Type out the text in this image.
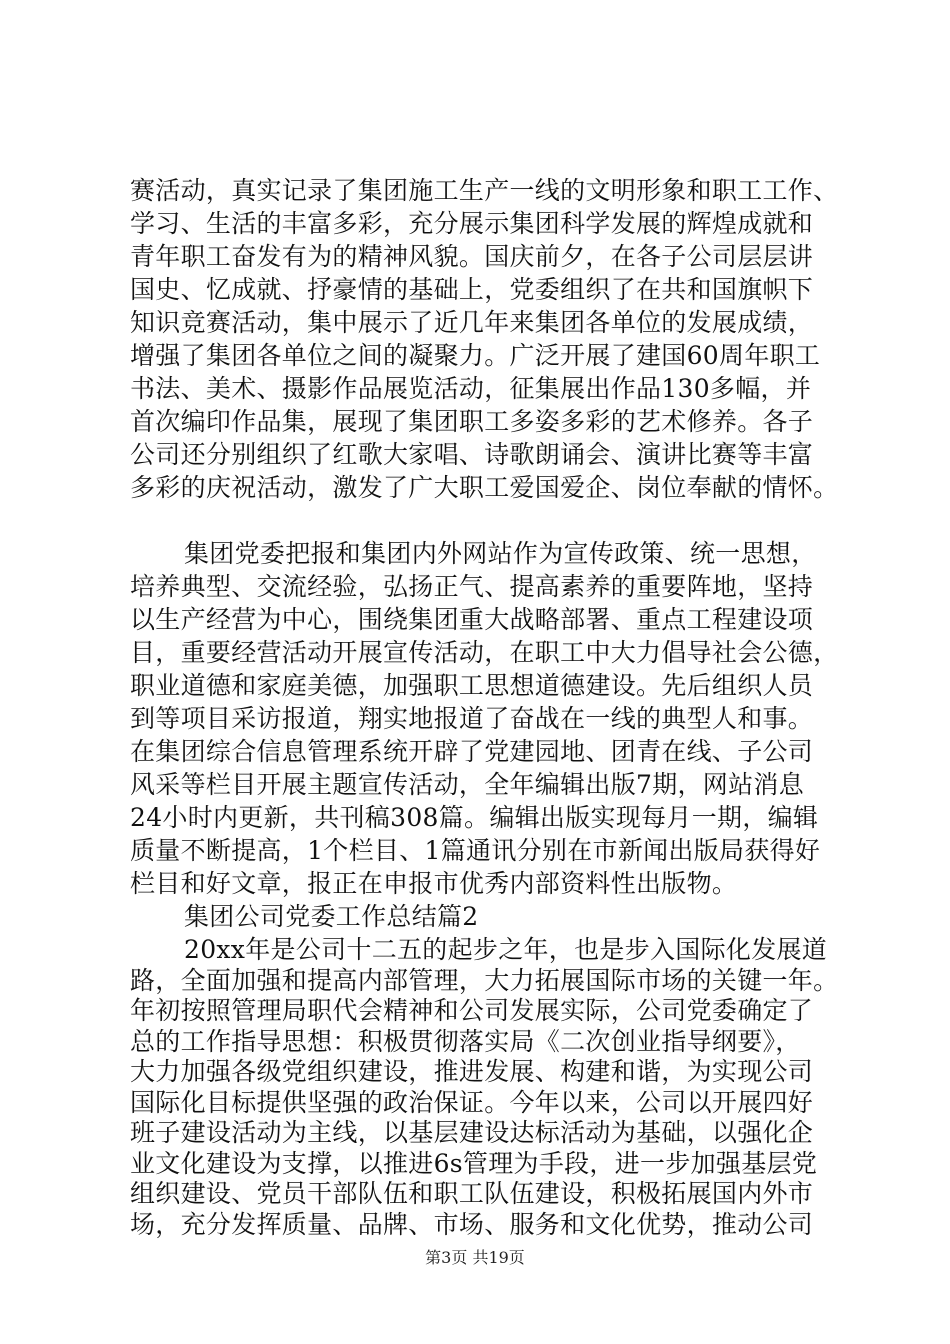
赛活动，真实记录了集团施工生产一线的文明形象和职工工作、
学习、生活的丰富多彩，充分展示集团科学发展的辉煌成就和
青年职工奋发有为的精神风貌。国庆前夕，在各子公司层层讲
国史、忆成就、抒豪情的基础上，党委组织了在共和国旗帜下
知识竞赛活动，集中展示了近几年来集团各单位的发展成绩，
增强了集团各单位之间的凝聚力。广泛开展了建国60周年职工
书法、美术、摄影作品展览活动，征集展出作品130多幅，并
首次编印作品集，展现了集团职工多姿多彩的艺术修养。各子
公司还分别组织了红歌大家唱、诗歌朗诵会、演讲比赛等丰富
多彩的庆祝活动，激发了广大职工爱国爱企、岗位奉献的情怀。
集团党委把报和集团内外网站作为宣传政策、统一思想，
培养典型、交流经验，弘扬正气、提高素养的重要阵地，坚持
以生产经营为中心，围绕集团重大战略部署、重点工程建设项
目，重要经营活动开展宣传活动，在职工中大力倡导社会公德，
职业道德和家庭美德，加强职工思想道德建设。先后组织人员
到等项目采访报道，翔实地报道了奋战在一线的典型人和事。
在集团综合信息管理系统开辟了党建园地、团青在线、子公司
风采等栏目开展主题宣传活动，全年编辑出版7期，网站消息
24小时内更新，共刊稿308篇。编辑出版实现每月一期，编辑
质量不断提高，1个栏目、1篇通讯分别在市新闻出版局获得好
栏目和好文章，报正在申报市优秀内部资料性出版物。
集团公司党委工作总结篇2
20xx年是公司十二五的起步之年，也是步入国际化发展道
路，全面加强和提高内部管理，大力拓展国际市场的关键一年。
年初按照管理局职代会精神和公司发展实际，公司党委确定了
总的工作指导思想：积极贯彻落实局《二次创业指导纲要》，
大力加强各级党组织建设，推进发展、构建和谐，为实现公司
国际化目标提供坚强的政治保证。今年以来，公司以开展四好
班子建设活动为主线，以基层建设达标活动为基础，以强化企
业文化建设为支撑，以推进6s管理为手段，进一步加强基层党
组织建设、党员干部队伍和职工队伍建设，积极拓展国内外市
场，充分发挥质量、品牌、市场、服务和文化优势，推动公司
第3页 共19页
